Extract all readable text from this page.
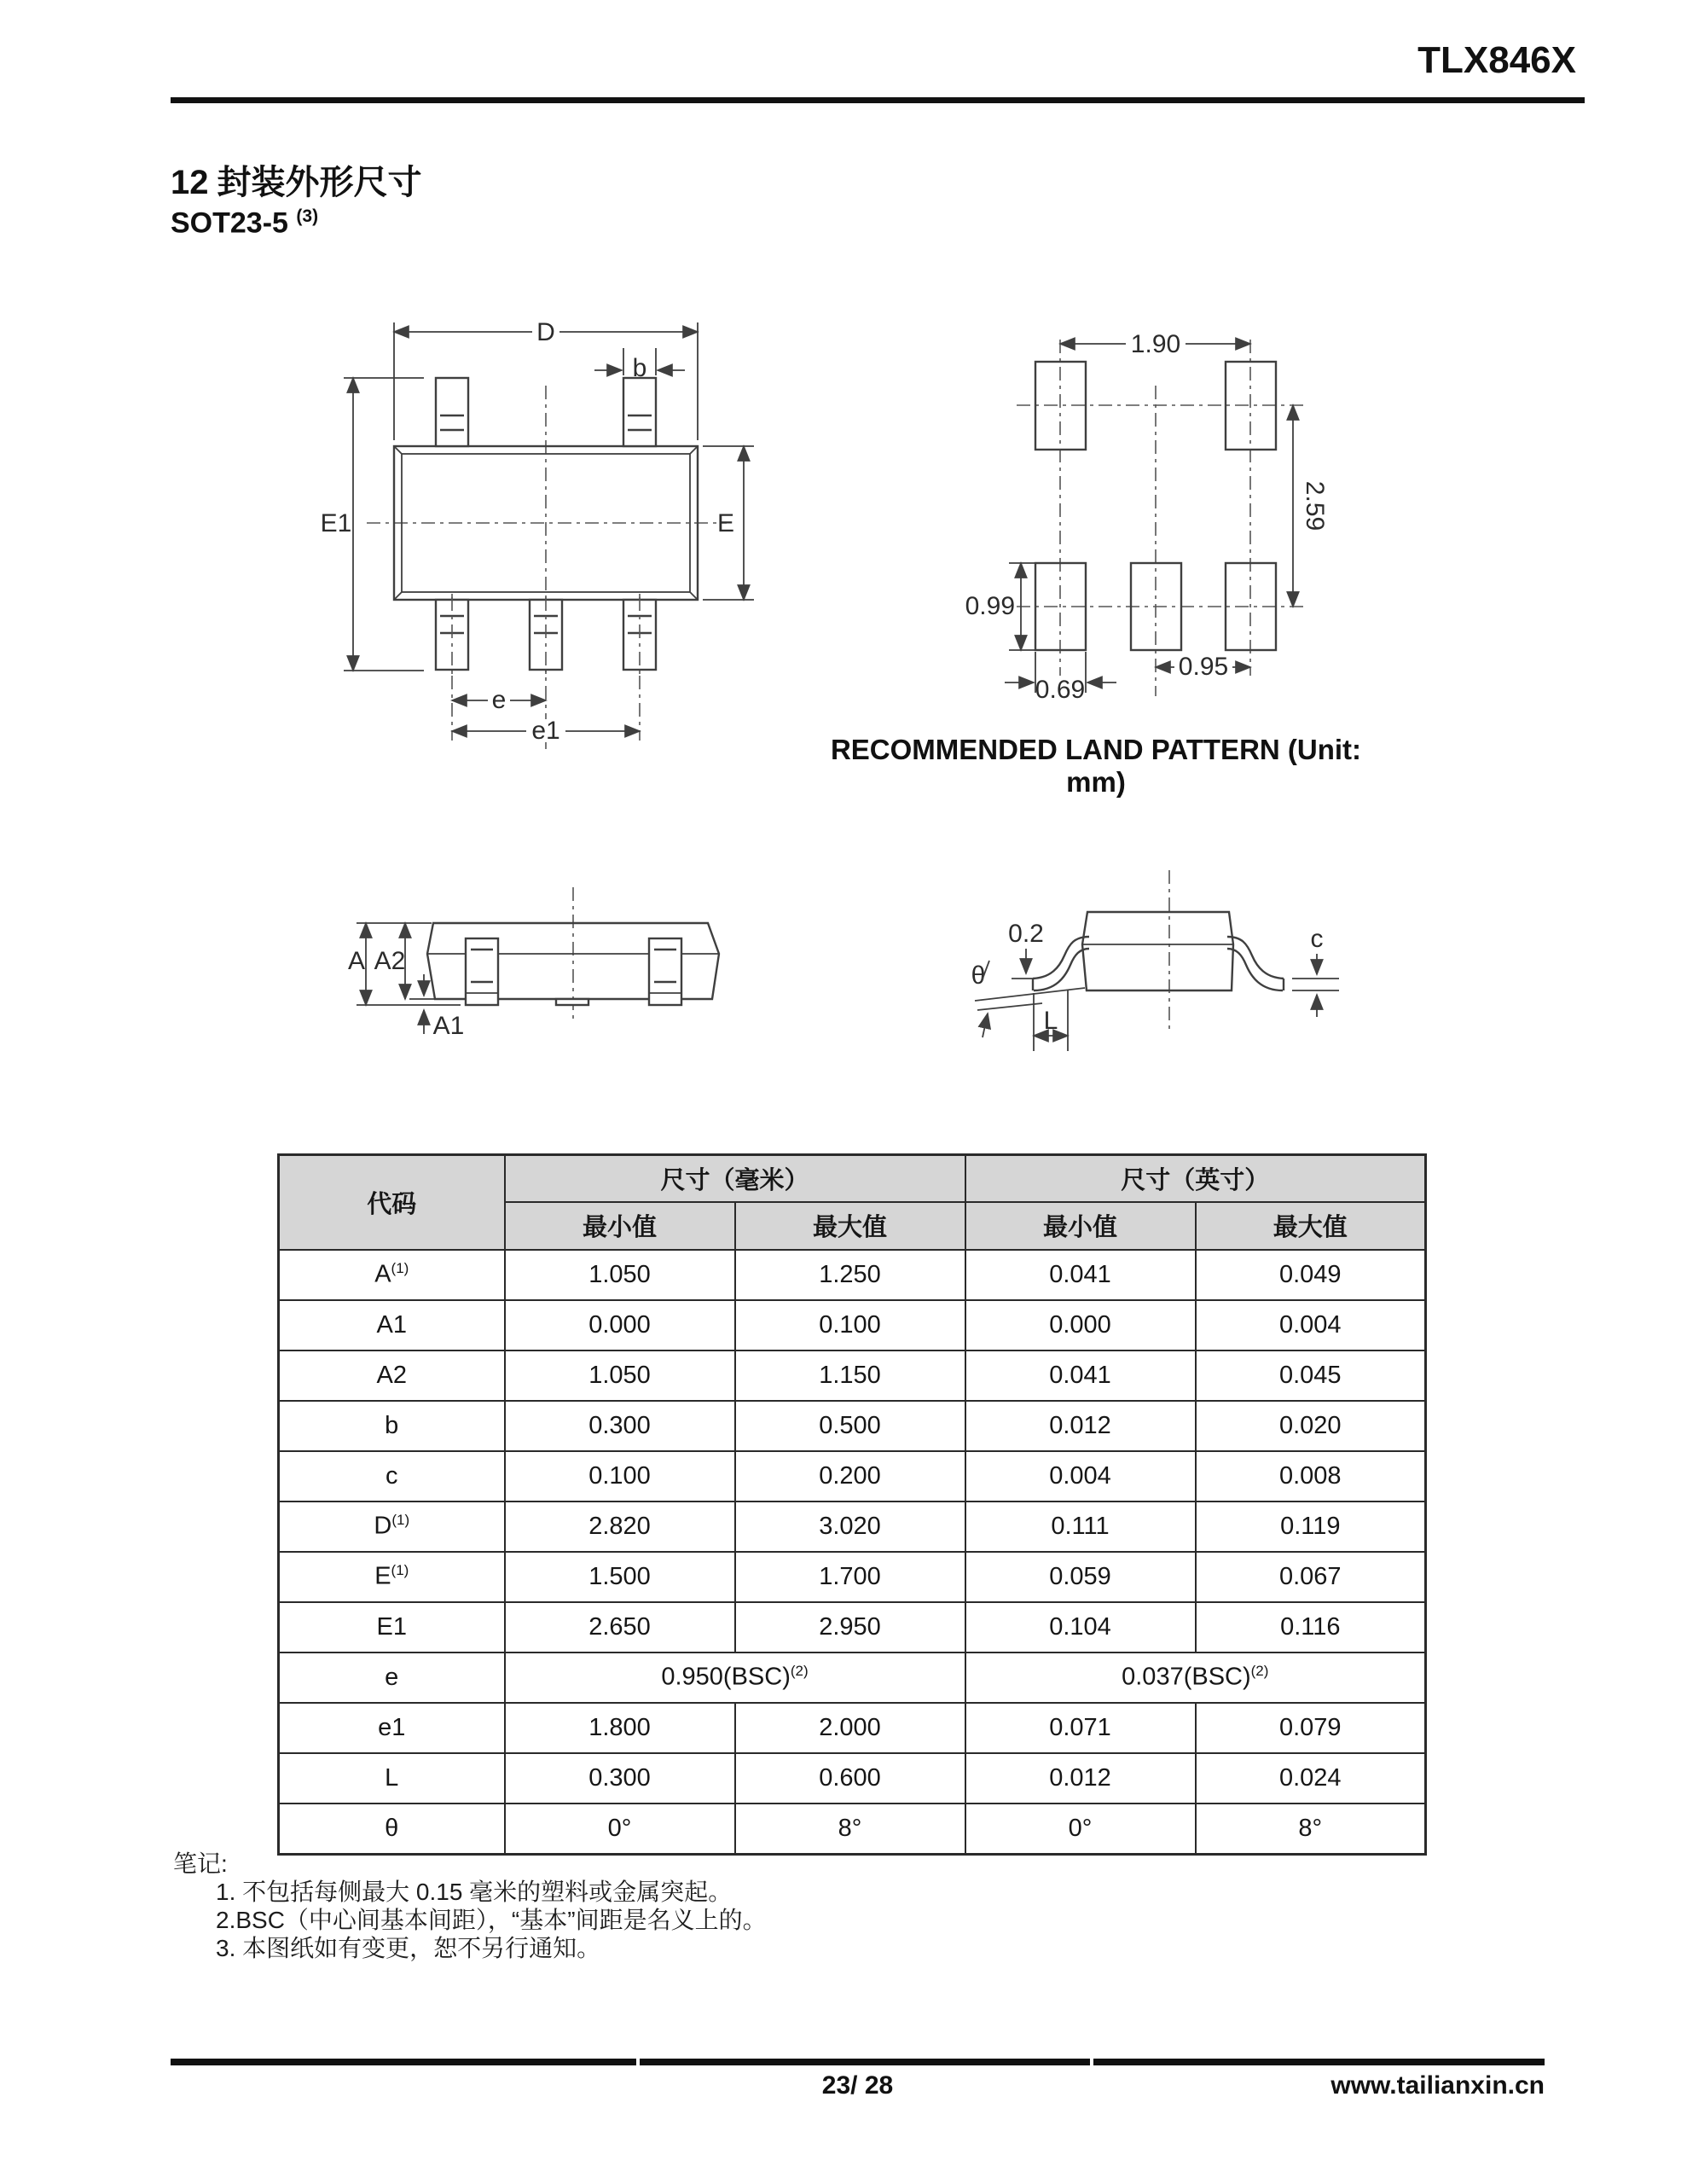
TLX846X
12 封装外形尺寸
SOT23-5 $^{(3)}$
D
b
E1	E
e
e1
1.90
2.59
0.99
0.69
0.95
RECOMMENDED LAND PATTERN (Unit: mm)
A A2
A1
0.2
θ
L
c
代码	尺寸（毫米）		尺寸（英寸）	
	最小值	最大值	最小值	最大值
$A^{(1)}$	1.050	1.250	0.041	0.049
A1	0.000	0.100	0.000	0.004
A2	1.050	1.150	0.041	0.045
b	0.300	0.500	0.012	0.020
c	0.100	0.200	0.004	0.008
$D^{(1)}$	2.820	3.020	0.111	0.119
$E^{(1)}$	1.500	1.700	0.059	0.067
E1	2.650	2.950	0.104	0.116
e	0.950(BSC)$^{(2)}$		0.037(BSC)$^{(2)}$
e1	1.800	2.000	0.071	0.079
L	0.300	0.600	0.012	0.024
θ	0°	8°	0°	8°
笔记:
1. 不包括每侧最大 0.15 毫米的塑料或金属突起。
2.BSC（中心间基本间距），“基本”间距是名义上的。
3. 本图纸如有变更，恕不另行通知。
23/ 28	www.tailianxin.cn
